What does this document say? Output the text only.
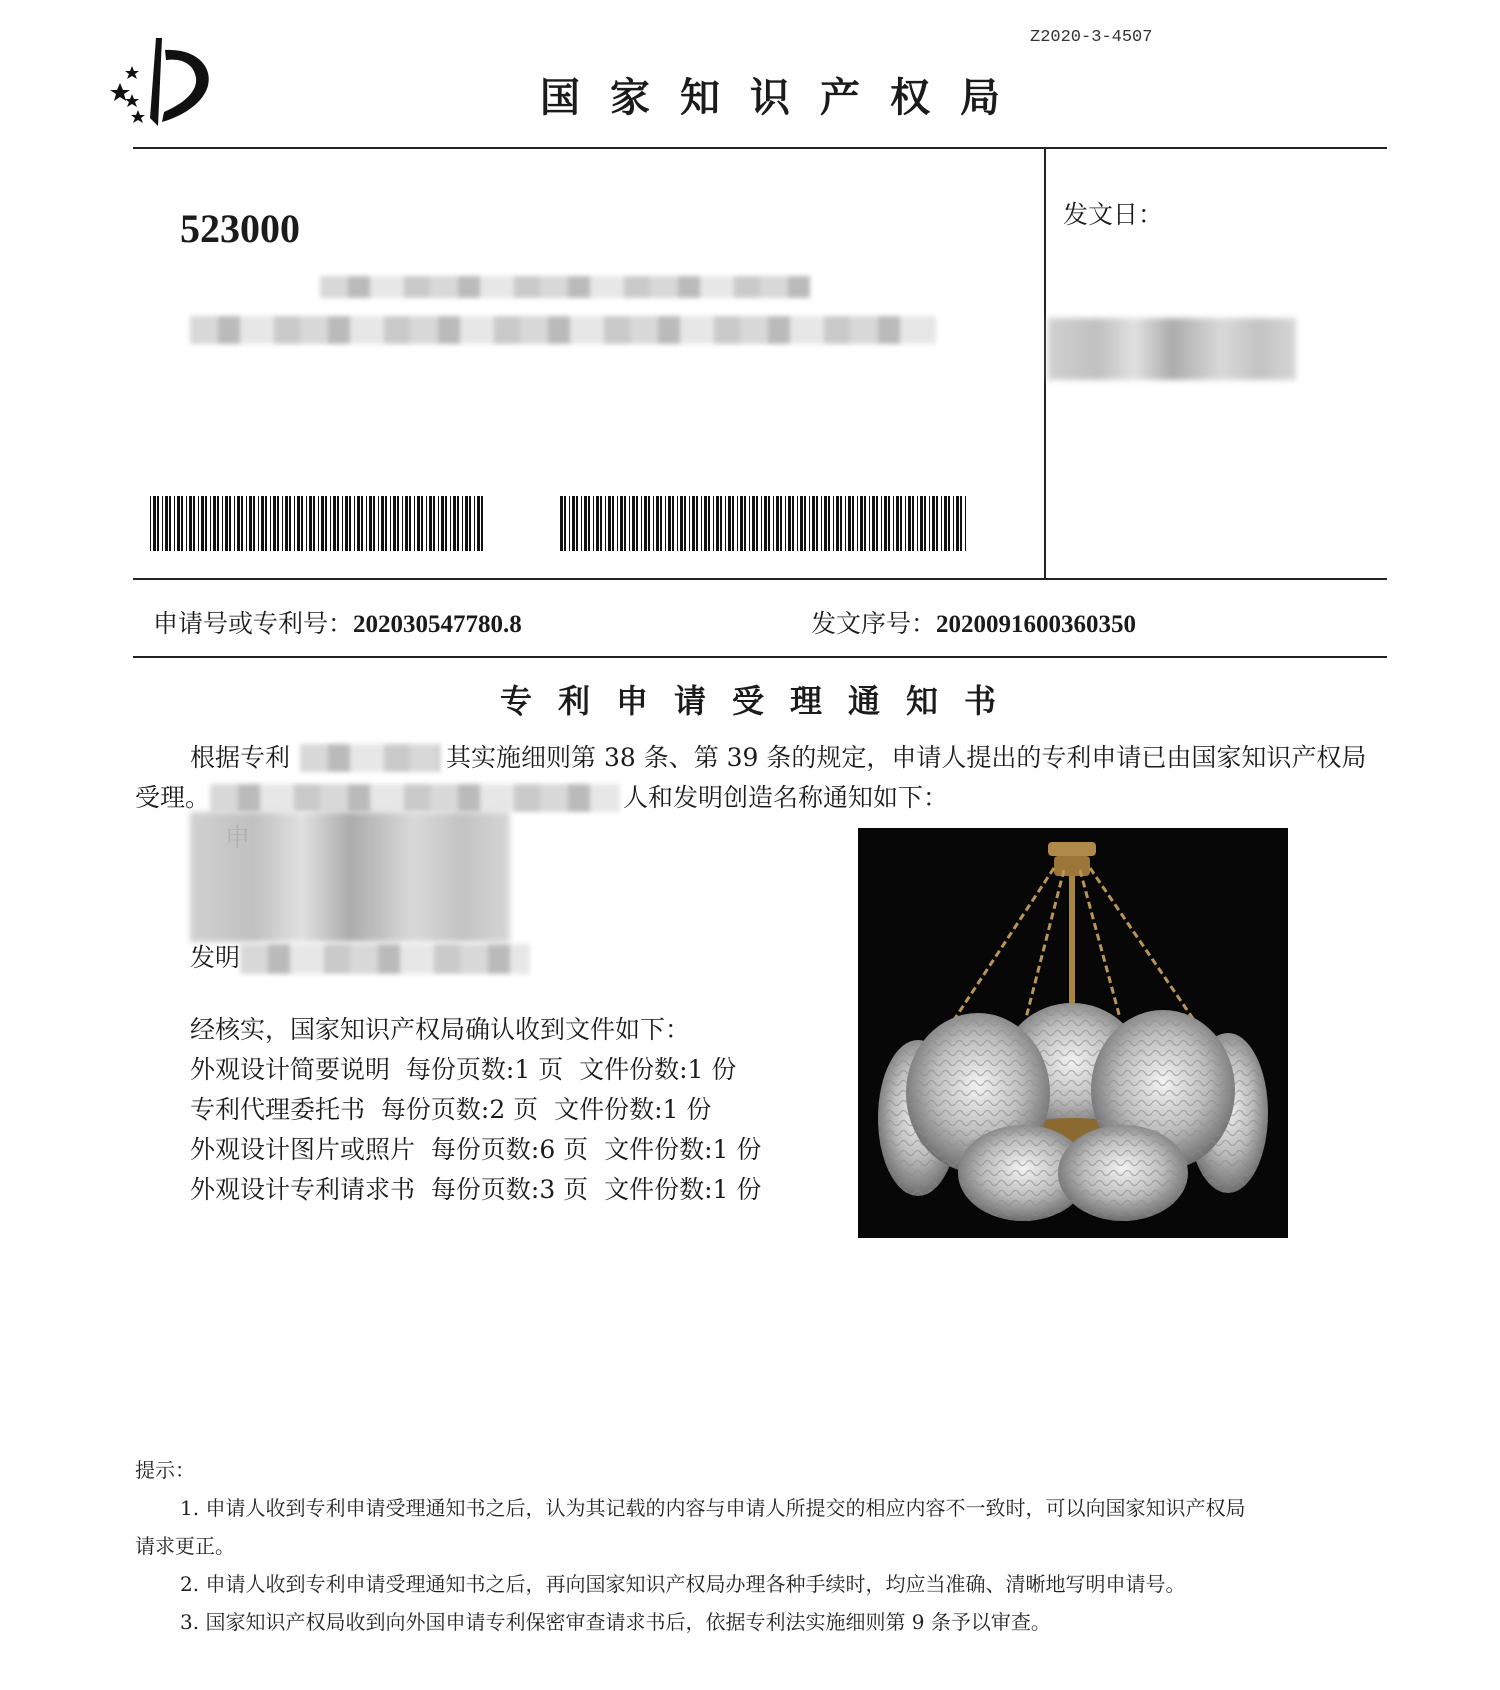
Z2020-3-4507
国家知识产权局
523000	发文日：
申请号或专利号：202030547780.8	发文序号：2020091600360350
专利申请受理通知书
根据专利	其实施细则第 38 条、第 39 条的规定，申请人提出的专利申请已由国家知识产权局
受理。	人和发明创造名称通知如下：
发明
经核实，国家知识产权局确认收到文件如下：
外观设计简要说明  每份页数:1 页  文件份数:1 份
专利代理委托书  每份页数:2 页  文件份数:1 份
外观设计图片或照片  每份页数:6 页  文件份数:1 份
外观设计专利请求书  每份页数:3 页  文件份数:1 份
提示：
1. 申请人收到专利申请受理通知书之后，认为其记载的内容与申请人所提交的相应内容不一致时，可以向国家知识产权局
请求更正。
2. 申请人收到专利申请受理通知书之后，再向国家知识产权局办理各种手续时，均应当准确、清晰地写明申请号。
3. 国家知识产权局收到向外国申请专利保密审查请求书后，依据专利法实施细则第 9 条予以审查。
